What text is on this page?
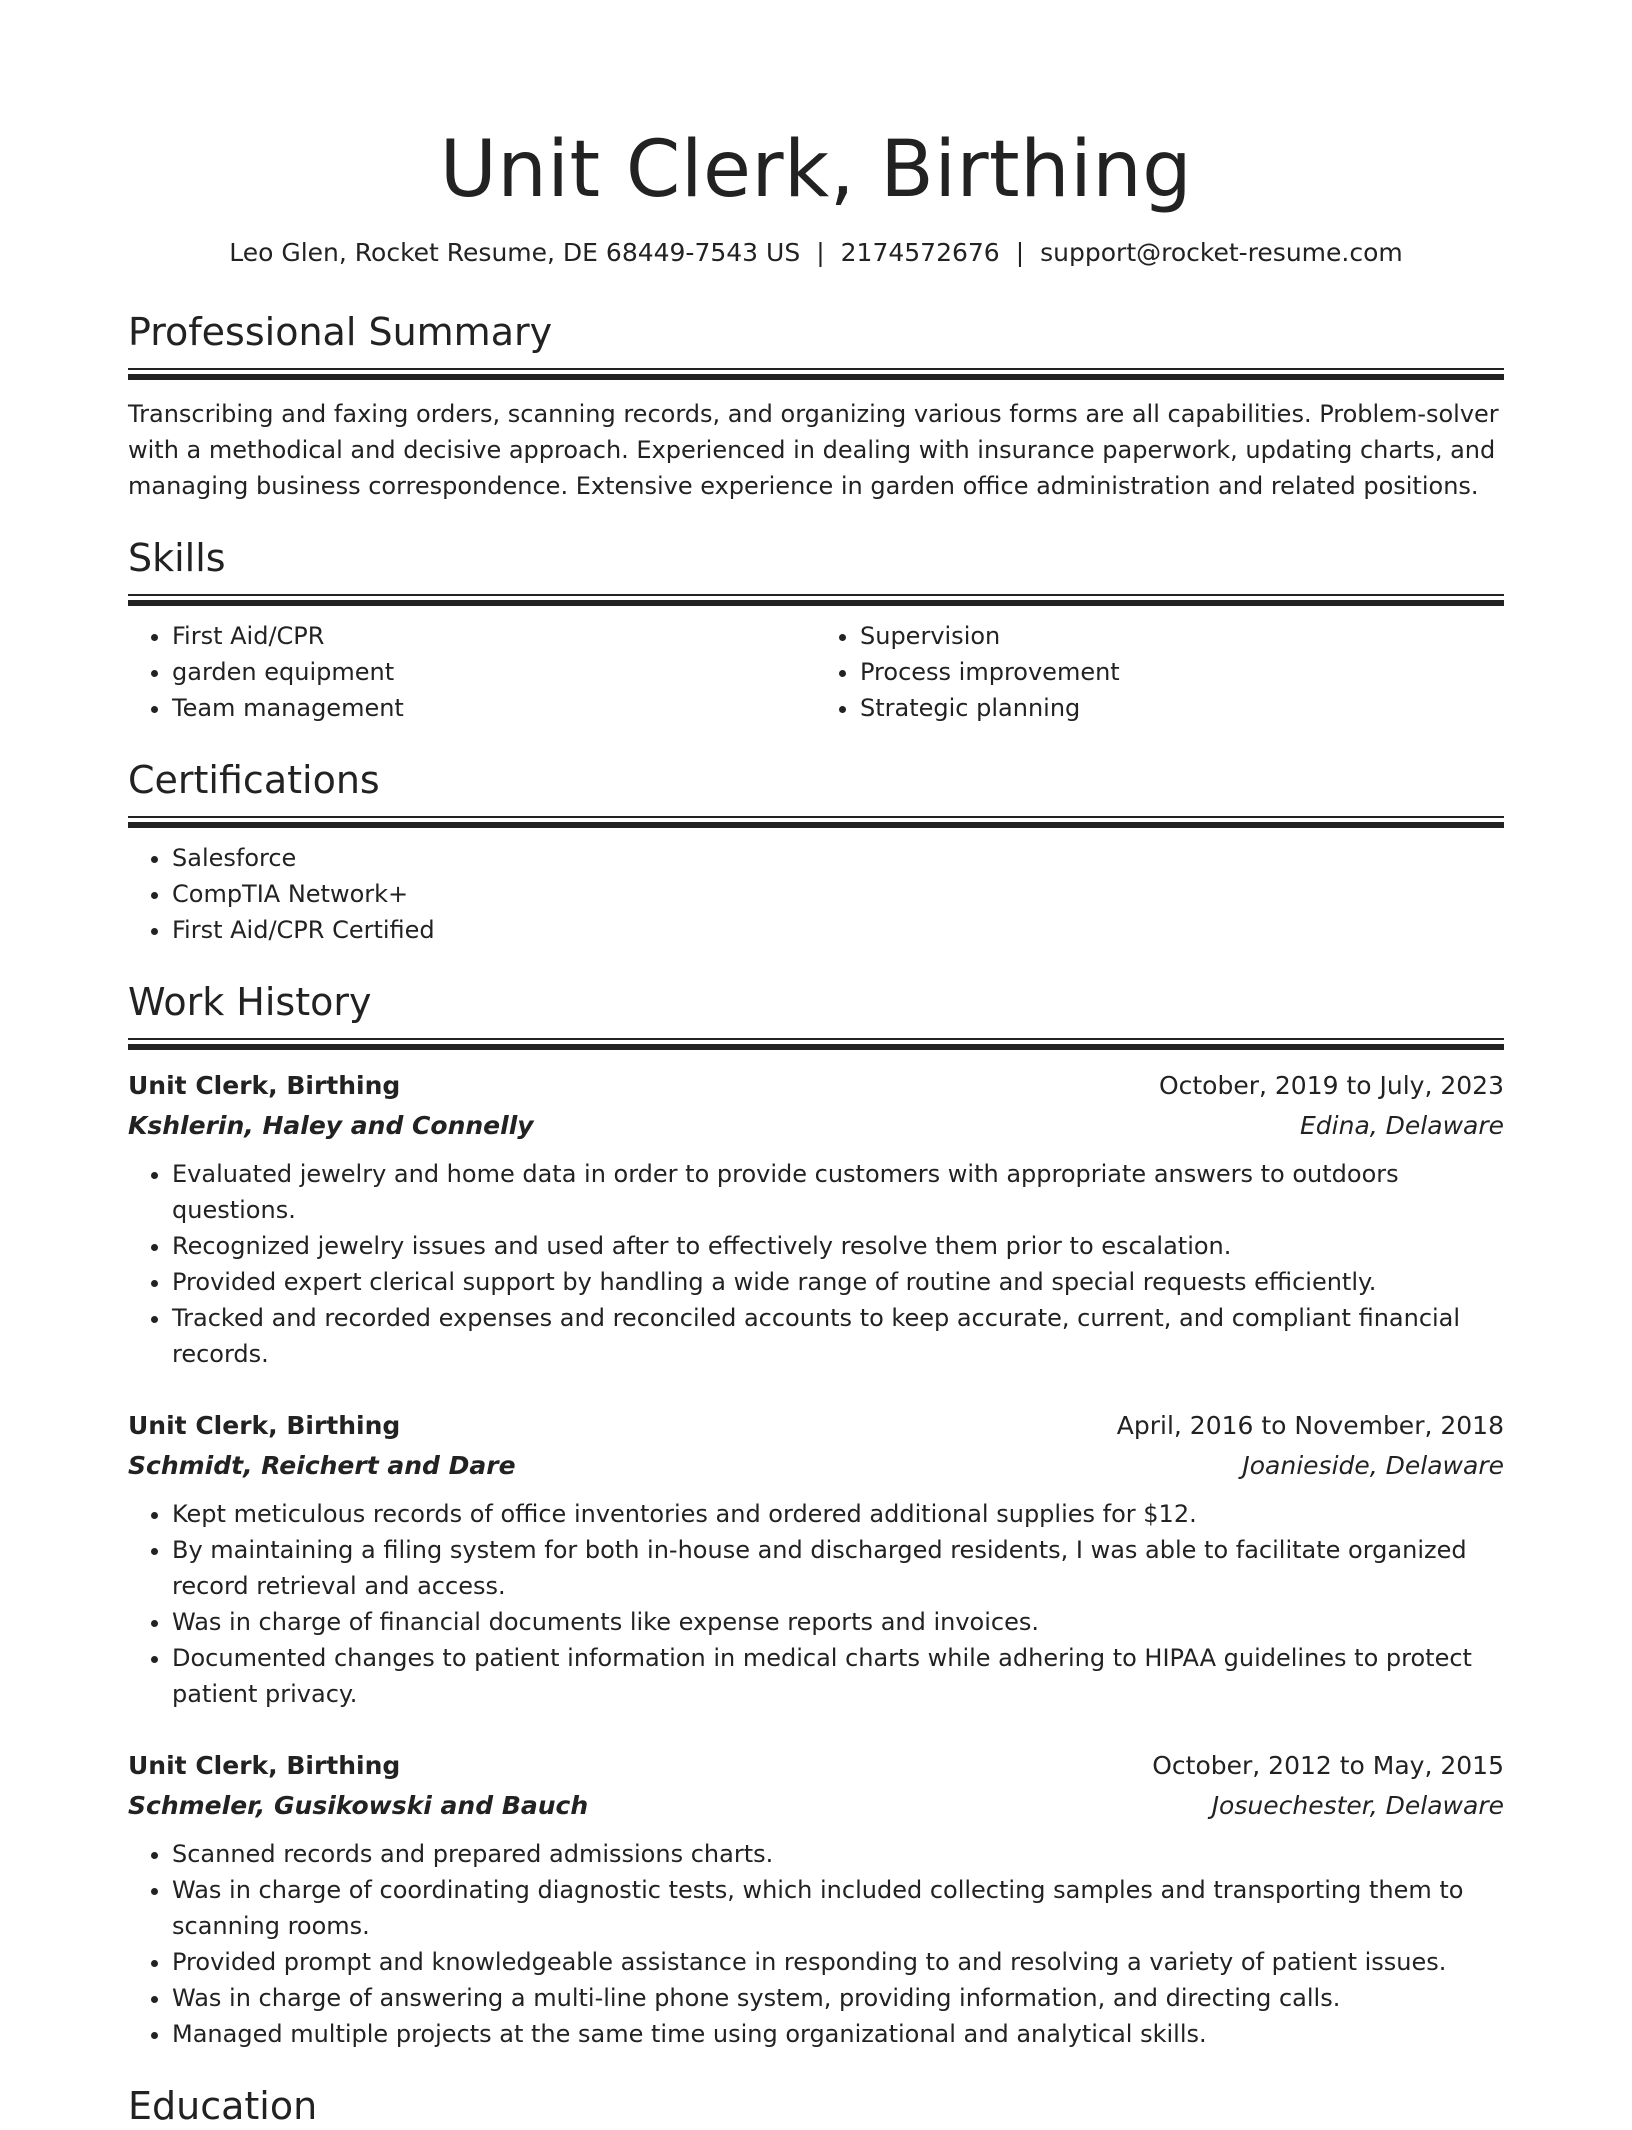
Unit Clerk, Birthing
Leo Glen, Rocket Resume, DE 68449-7543 US | 2174572676 | support@rocket-resume.com
Professional Summary
Transcribing and faxing orders, scanning records, and organizing various forms are all capabilities. Problem-solver with a methodical and decisive approach. Experienced in dealing with insurance paperwork, updating charts, and managing business correspondence. Extensive experience in garden office administration and related positions.
Skills
• First Aid/CPR
• garden equipment
• Team management
• Supervision
• Process improvement
• Strategic planning
Certifications
• Salesforce
• CompTIA Network+
• First Aid/CPR Certified
Work History
Unit Clerk, Birthing	October, 2019 to July, 2023
Kshlerin, Haley and Connelly	Edina, Delaware
• Evaluated jewelry and home data in order to provide customers with appropriate answers to outdoors questions.
• Recognized jewelry issues and used after to effectively resolve them prior to escalation.
• Provided expert clerical support by handling a wide range of routine and special requests efficiently.
• Tracked and recorded expenses and reconciled accounts to keep accurate, current, and compliant financial records.
Unit Clerk, Birthing	April, 2016 to November, 2018
Schmidt, Reichert and Dare	Joanieside, Delaware
• Kept meticulous records of office inventories and ordered additional supplies for $12.
• By maintaining a filing system for both in-house and discharged residents, I was able to facilitate organized record retrieval and access.
• Was in charge of financial documents like expense reports and invoices.
• Documented changes to patient information in medical charts while adhering to HIPAA guidelines to protect patient privacy.
Unit Clerk, Birthing	October, 2012 to May, 2015
Schmeler, Gusikowski and Bauch	Josuechester, Delaware
• Scanned records and prepared admissions charts.
• Was in charge of coordinating diagnostic tests, which included collecting samples and transporting them to scanning rooms.
• Provided prompt and knowledgeable assistance in responding to and resolving a variety of patient issues.
• Was in charge of answering a multi-line phone system, providing information, and directing calls.
• Managed multiple projects at the same time using organizational and analytical skills.
Education
